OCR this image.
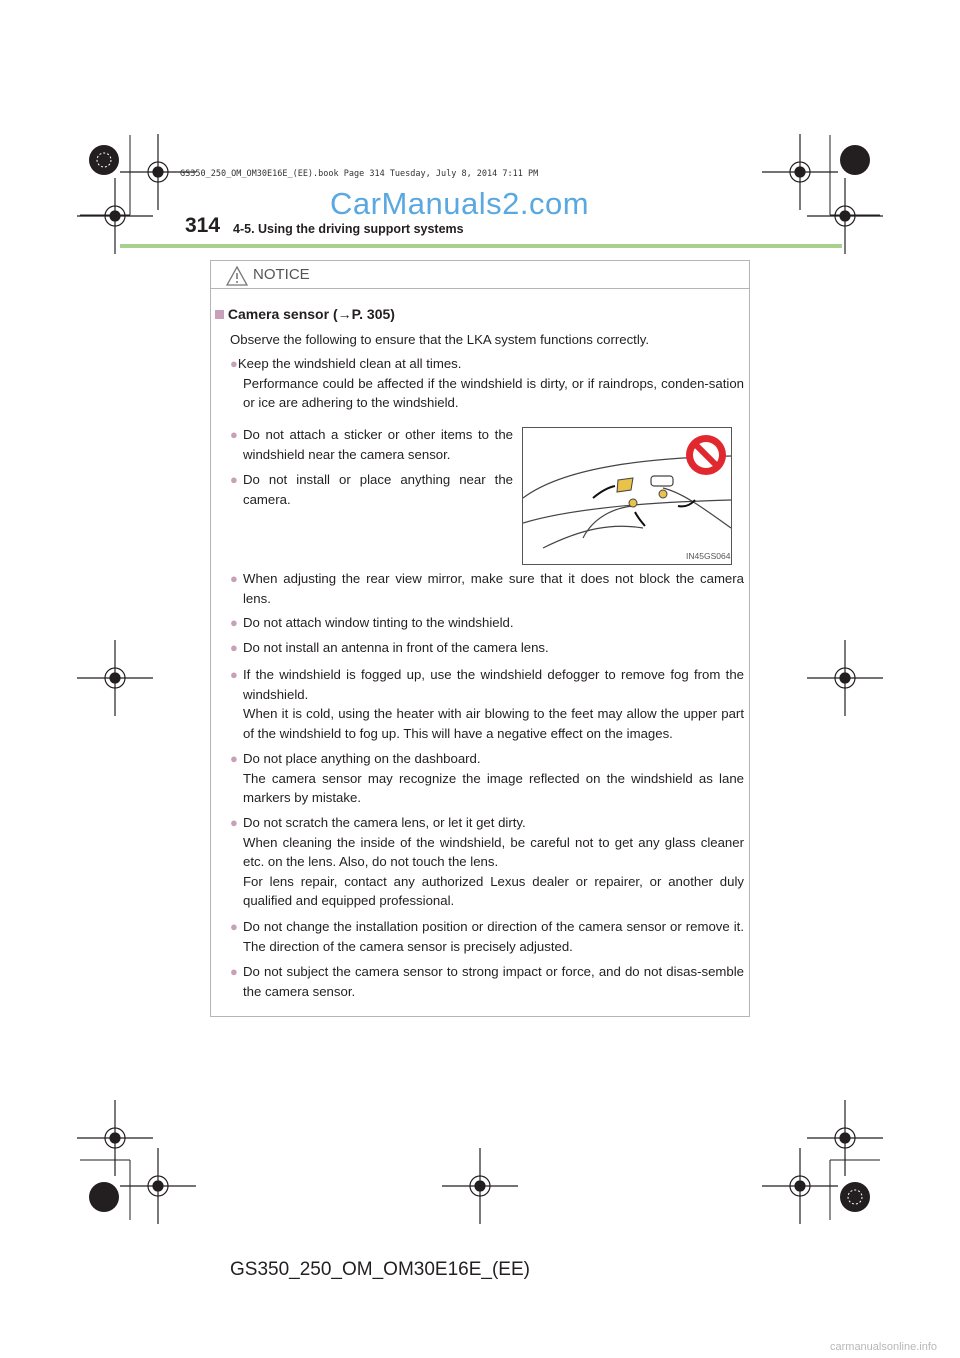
GS350_250_OM_OM30E16E_(EE).book Page 314 Tuesday, July 8, 2014 7:11 PM
CarManuals2.com
314 4-5. Using the driving support systems
NOTICE
Camera sensor (→P. 305)
Observe the following to ensure that the LKA system functions correctly.
●Keep the windshield clean at all times.
Performance could be affected if the windshield is dirty, or if raindrops, conden-sation or ice are adhering to the windshield.
● Do not attach a sticker or other items to the windshield near the camera sensor.
● Do not install or place anything near the camera.
IN45GS064
● When adjusting the rear view mirror, make sure that it does not block the camera lens.
● Do not attach window tinting to the windshield.
● Do not install an antenna in front of the camera lens.
● If the windshield is fogged up, use the windshield defogger to remove fog from the windshield.
When it is cold, using the heater with air blowing to the feet may allow the upper part of the windshield to fog up. This will have a negative effect on the images.
● Do not place anything on the dashboard.
The camera sensor may recognize the image reflected on the windshield as lane markers by mistake.
● Do not scratch the camera lens, or let it get dirty.
When cleaning the inside of the windshield, be careful not to get any glass cleaner etc. on the lens. Also, do not touch the lens.
For lens repair, contact any authorized Lexus dealer or repairer, or another duly qualified and equipped professional.
● Do not change the installation position or direction of the camera sensor or remove it. The direction of the camera sensor is precisely adjusted.
● Do not subject the camera sensor to strong impact or force, and do not disas-semble the camera sensor.
GS350_250_OM_OM30E16E_(EE)
carmanualsonline.info
